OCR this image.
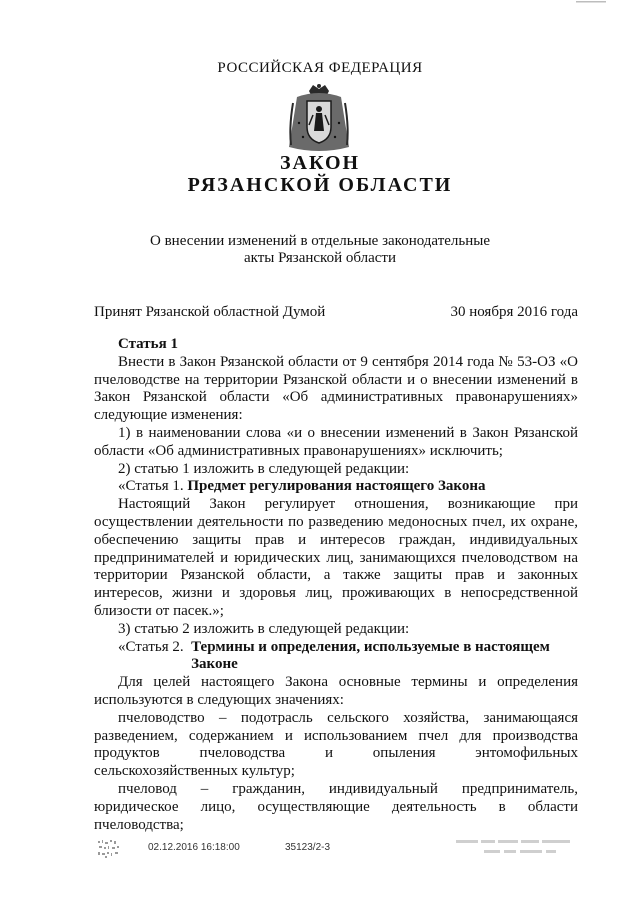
РОССИЙСКАЯ ФЕДЕРАЦИЯ
ЗАКОН
РЯЗАНСКОЙ ОБЛАСТИ
О внесении изменений в отдельные законодательные
акты Рязанской области
Принят Рязанской областной Думой	30 ноября 2016 года

Статья 1

Внести в Закон Рязанской области от 9 сентября 2014 года № 53-ОЗ «О пчеловодстве на территории Рязанской области и о внесении изменений в Закон Рязанской области «Об административных правонарушениях» следующие изменения:

1) в наименовании слова «и о внесении изменений в Закон Рязанской области «Об административных правонарушениях» исключить;

2) статью 1 изложить в следующей редакции:

«Статья 1. Предмет регулирования настоящего Закона

Настоящий Закон регулирует отношения, возникающие при осуществлении деятельности по разведению медоносных пчел, их охране, обеспечению защиты прав и интересов граждан, индивидуальных предпринимателей и юридических лиц, занимающихся пчеловодством на территории Рязанской области, а также защиты прав и законных интересов, жизни и здоровья лиц, проживающих в непосредственной близости от пасек.»;

3) статью 2 изложить в следующей редакции:

«Статья 2. Термины и определения, используемые в настоящем Законе

Для целей настоящего Закона основные термины и определения используются в следующих значениях:

пчеловодство – подотрасль сельского хозяйства, занимающаяся разведением, содержанием и использованием пчел для производства продуктов пчеловодства и опыления энтомофильных сельскохозяйственных культур;

пчеловод – гражданин, индивидуальный предприниматель, юридическое лицо, осуществляющие деятельность в области пчеловодства;

02.12.2016 16:18:00	35123/2-3
